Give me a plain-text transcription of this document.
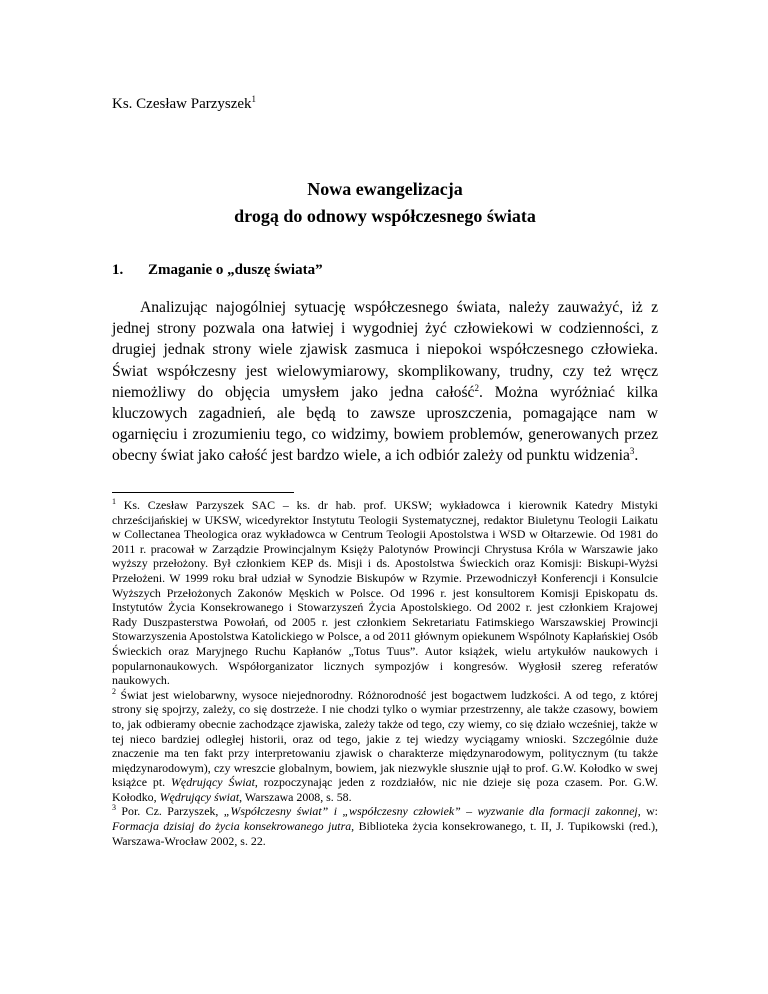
Ks. Czesław Parzyszek$^1$
Nowa ewangelizacja
drogą do odnowy współczesnego świata
1. Zmaganie o „duszę świata”
Analizując najogólniej sytuację współczesnego świata, należy zauważyć, iż z jednej strony pozwala ona łatwiej i wygodniej żyć człowiekowi w codzienności, z drugiej jednak strony wiele zjawisk zasmuca i niepokoi współczesnego człowieka. Świat współczesny jest wielowymiarowy, skomplikowany, trudny, czy też wręcz niemożliwy do objęcia umysłem jako jedna całość$^2$. Można wyróżniać kilka kluczowych zagadnień, ale będą to zawsze uproszczenia, pomagające nam w ogarnięciu i zrozumieniu tego, co widzimy, bowiem problemów, generowanych przez obecny świat jako całość jest bardzo wiele, a ich odbiór zależy od punktu widzenia$^3$.

$^1$ Ks. Czesław Parzyszek SAC – ks. dr hab. prof. UKSW; wykładowca i kierownik Katedry Mistyki chrześcijańskiej w UKSW, wicedyrektor Instytutu Teologii Systematycznej, redaktor Biuletynu Teologii Laikatu w Collectanea Theologica oraz wykładowca w Centrum Teologii Apostolstwa i WSD w Ołtarzewie. Od 1981 do 2011 r. pracował w Zarządzie Prowincjalnym Księży Palotynów Prowincji Chrystusa Króla w Warszawie jako wyższy przełożony. Był członkiem KEP ds. Misji i ds. Apostolstwa Świeckich oraz Komisji: Biskupi-Wyżsi Przełożeni. W 1999 roku brał udział w Synodzie Biskupów w Rzymie. Przewodniczył Konferencji i Konsulcie Wyższych Przełożonych Zakonów Męskich w Polsce. Od 1996 r. jest konsultorem Komisji Episkopatu ds. Instytutów Życia Konsekrowanego i Stowarzyszeń Życia Apostolskiego. Od 2002 r. jest członkiem Krajowej Rady Duszpasterstwa Powołań, od 2005 r. jest członkiem Sekretariatu Fatimskiego Warszawskiej Prowincji Stowarzyszenia Apostolstwa Katolickiego w Polsce, a od 2011 głównym opiekunem Wspólnoty Kapłańskiej Osób Świeckich oraz Maryjnego Ruchu Kapłanów „Totus Tuus”. Autor książek, wielu artykułów naukowych i popularnonaukowych. Współorganizator licznych sympozjów i kongresów. Wygłosił szereg referatów naukowych.

$^2$ Świat jest wielobarwny, wysoce niejednorodny. Różnorodność jest bogactwem ludzkości. A od tego, z której strony się spojrzy, zależy, co się dostrzeże. I nie chodzi tylko o wymiar przestrzenny, ale także czasowy, bowiem to, jak odbieramy obecnie zachodzące zjawiska, zależy także od tego, czy wiemy, co się działo wcześniej, także w tej nieco bardziej odległej historii, oraz od tego, jakie z tej wiedzy wyciągamy wnioski. Szczególnie duże znaczenie ma ten fakt przy interpretowaniu zjawisk o charakterze międzynarodowym, politycznym (tu także międzynarodowym), czy wreszcie globalnym, bowiem, jak niezwykle słusznie ujął to prof. G.W. Kołodko w swej książce pt. Wędrujący Świat, rozpoczynając jeden z rozdziałów, nic nie dzieje się poza czasem. Por. G.W. Kołodko, Wędrujący świat, Warszawa 2008, s. 58.

$^3$ Por. Cz. Parzyszek, „Współczesny świat” i „współczesny człowiek” – wyzwanie dla formacji zakonnej, w: Formacja dzisiaj do życia konsekrowanego jutra, Biblioteka życia konsekrowanego, t. II, J. Tupikowski (red.), Warszawa-Wrocław 2002, s. 22.
